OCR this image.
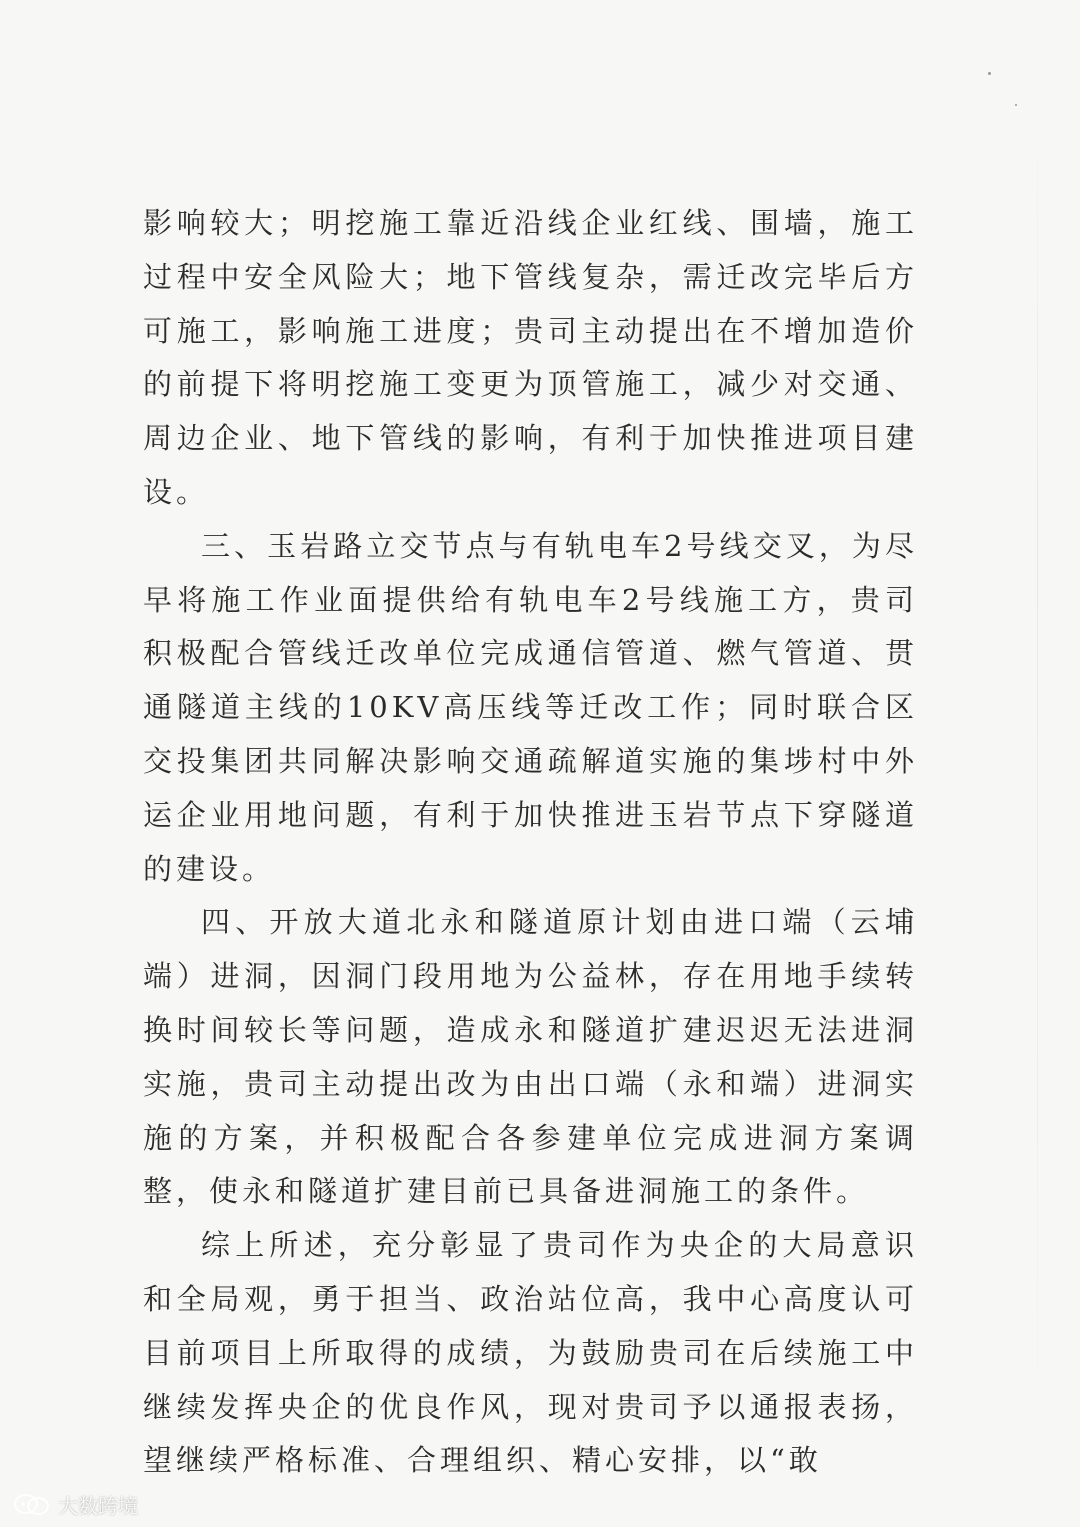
影响较大；明挖施工靠近沿线企业红线、围墙，施工过程中安全风险大；地下管线复杂，需迁改完毕后方可施工，影响施工进度；贵司主动提出在不增加造价的前提下将明挖施工变更为顶管施工，减少对交通、周边企业、地下管线的影响，有利于加快推进项目建设。

三、玉岩路立交节点与有轨电车2号线交叉，为尽早将施工作业面提供给有轨电车2号线施工方，贵司积极配合管线迁改单位完成通信管道、燃气管道、贯通隧道主线的10KV高压线等迁改工作；同时联合区交投集团共同解决影响交通疏解道实施的集埗村中外运企业用地问题，有利于加快推进玉岩节点下穿隧道的建设。

四、开放大道北永和隧道原计划由进口端（云埔端）进洞，因洞门段用地为公益林，存在用地手续转换时间较长等问题，造成永和隧道扩建迟迟无法进洞实施，贵司主动提出改为由出口端（永和端）进洞实施的方案，并积极配合各参建单位完成进洞方案调整，使永和隧道扩建目前已具备进洞施工的条件。

综上所述，充分彰显了贵司作为央企的大局意识和全局观，勇于担当、政治站位高，我中心高度认可目前项目上所取得的成绩，为鼓励贵司在后续施工中继续发挥央企的优良作风，现对贵司予以通报表扬，望继续严格标准、合理组织、精心安排，以“敢

大数跨境
